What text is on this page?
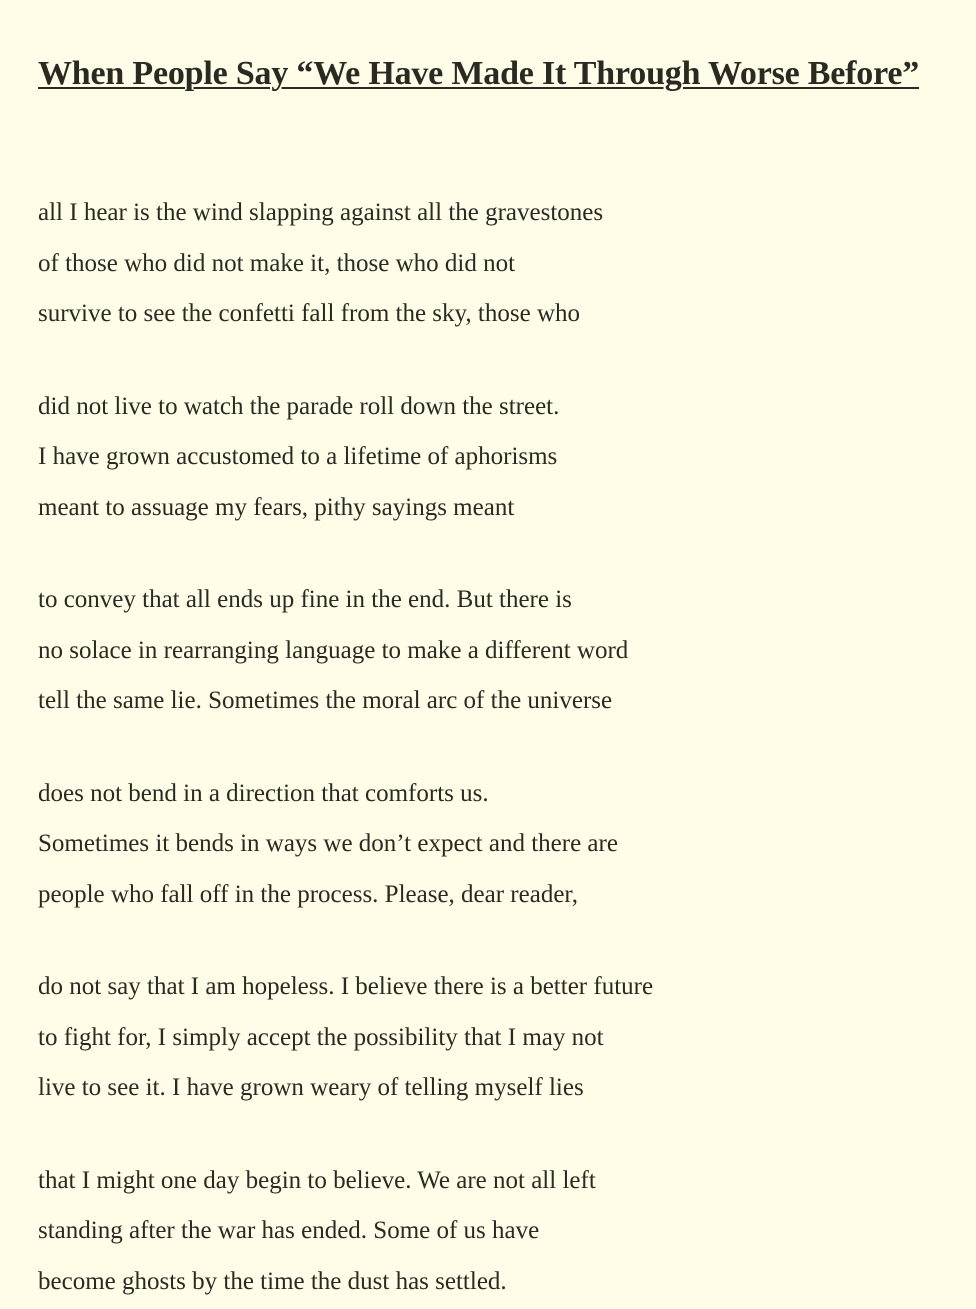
When People Say “We Have Made It Through Worse Before”
all I hear is the wind slapping against all the gravestones
of those who did not make it, those who did not
survive to see the confetti fall from the sky, those who
did not live to watch the parade roll down the street.
I have grown accustomed to a lifetime of aphorisms
meant to assuage my fears, pithy sayings meant
to convey that all ends up fine in the end. But there is
no solace in rearranging language to make a different word
tell the same lie. Sometimes the moral arc of the universe
does not bend in a direction that comforts us.
Sometimes it bends in ways we don’t expect and there are
people who fall off in the process. Please, dear reader,
do not say that I am hopeless. I believe there is a better future
to fight for, I simply accept the possibility that I may not
live to see it. I have grown weary of telling myself lies
that I might one day begin to believe. We are not all left
standing after the war has ended. Some of us have
become ghosts by the time the dust has settled.
